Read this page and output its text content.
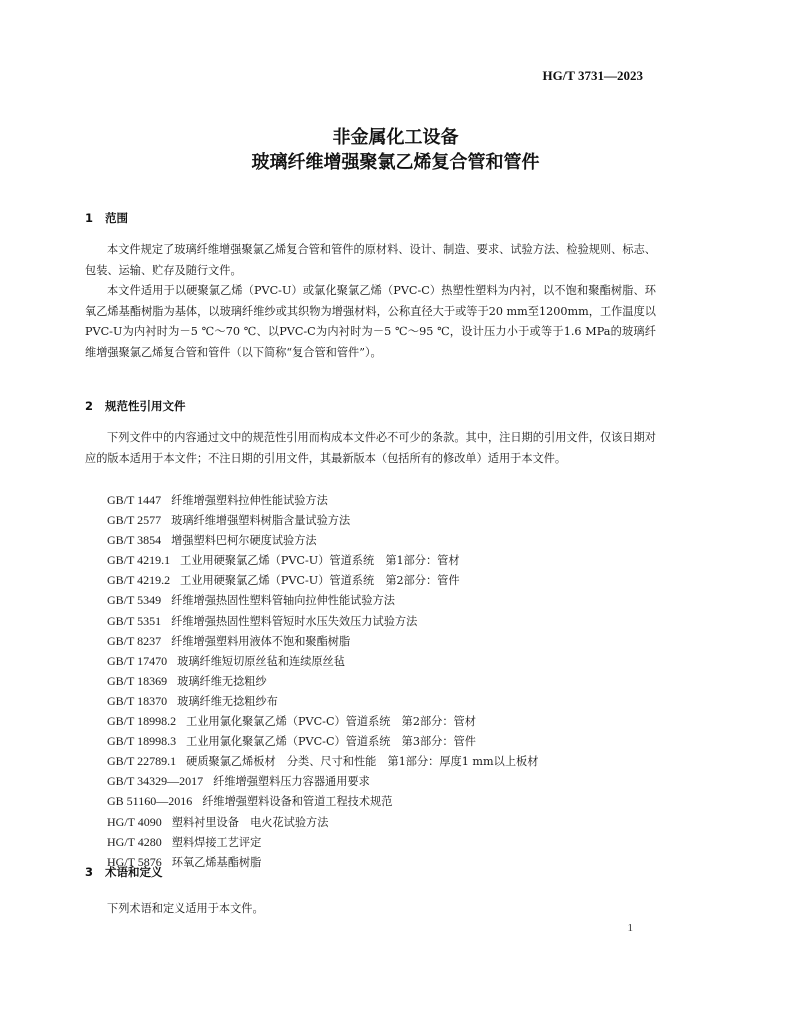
HG/T 3731—2023
非金属化工设备
玻璃纤维增强聚氯乙烯复合管和管件
1 范围

本文件规定了玻璃纤维增强聚氯乙烯复合管和管件的原材料、设计、制造、要求、试验方法、检验规则、标志、包装、运输、贮存及随行文件。

本文件适用于以硬聚氯乙烯（PVC-U）或氯化聚氯乙烯（PVC-C）热塑性塑料为内衬，以不饱和聚酯树脂、环氧乙烯基酯树脂为基体，以玻璃纤维纱或其织物为增强材料，公称直径大于或等于20 mm至1200mm，工作温度以PVC-U为内衬时为－5 ℃～70 ℃、以PVC-C为内衬时为－5 ℃～95 ℃，设计压力小于或等于1.6 MPa的玻璃纤维增强聚氯乙烯复合管和管件（以下简称“复合管和管件”）。

2 规范性引用文件

下列文件中的内容通过文中的规范性引用而构成本文件必不可少的条款。其中，注日期的引用文件，仅该日期对应的版本适用于本文件；不注日期的引用文件，其最新版本（包括所有的修改单）适用于本文件。

GB/T 1447 纤维增强塑料拉伸性能试验方法
GB/T 2577 玻璃纤维增强塑料树脂含量试验方法
GB/T 3854 增强塑料巴柯尔硬度试验方法
GB/T 4219.1 工业用硬聚氯乙烯（PVC-U）管道系统　第1部分：管材
GB/T 4219.2 工业用硬聚氯乙烯（PVC-U）管道系统　第2部分：管件
GB/T 5349 纤维增强热固性塑料管轴向拉伸性能试验方法
GB/T 5351 纤维增强热固性塑料管短时水压失效压力试验方法
GB/T 8237 纤维增强塑料用液体不饱和聚酯树脂
GB/T 17470 玻璃纤维短切原丝毡和连续原丝毡
GB/T 18369 玻璃纤维无捻粗纱
GB/T 18370 玻璃纤维无捻粗纱布
GB/T 18998.2 工业用氯化聚氯乙烯（PVC-C）管道系统　第2部分：管材
GB/T 18998.3 工业用氯化聚氯乙烯（PVC-C）管道系统　第3部分：管件
GB/T 22789.1 硬质聚氯乙烯板材　分类、尺寸和性能　第1部分：厚度1 mm以上板材
GB/T 34329—2017 纤维增强塑料压力容器通用要求
GB 51160—2016 纤维增强塑料设备和管道工程技术规范
HG/T 4090 塑料衬里设备　电火花试验方法
HG/T 4280 塑料焊接工艺评定
HG/T 5876 环氧乙烯基酯树脂
3 术语和定义

下列术语和定义适用于本文件。

1
